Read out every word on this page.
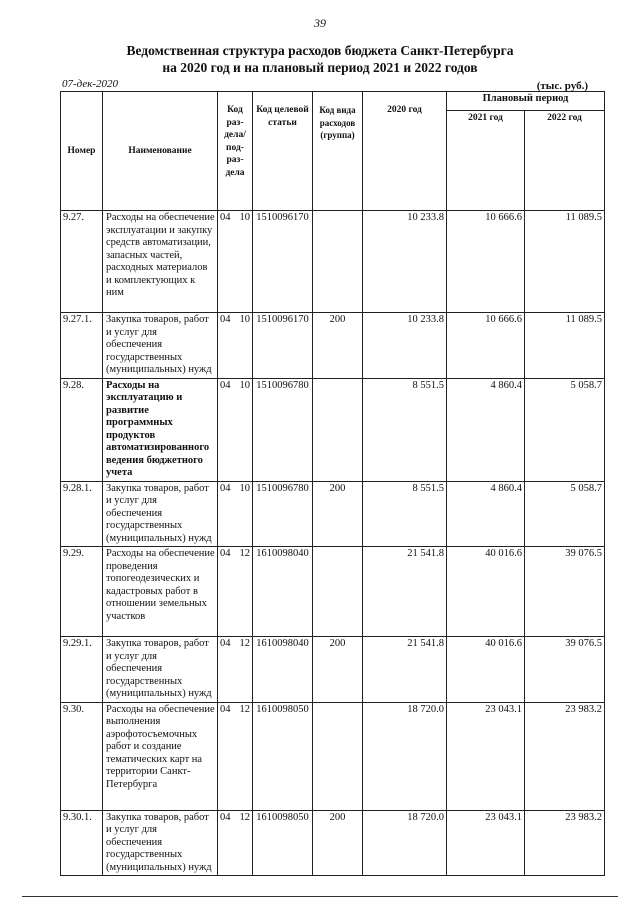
39
Ведомственная структура расходов бюджета Санкт-Петербурга
на 2020 год и на плановый период 2021 и 2022 годов
07-дек-2020	(тыс. руб.)
Номер	Наименование	Код раз- дела/ под- раз- дела		Код целевой статьи	Код вида расходов (группа)	2020 год	Плановый период	
							2021 год	2022 год
9.27.	Расходы на обеспечение эксплуатации и закупку средств автоматизации, запасных частей, расходных материалов и комплектующих к ним	04	10	1510096170		10 233.8	10 666.6	11 089.5
9.27.1.	Закупка товаров, работ и услуг для обеспечения государственных (муниципальных) нужд	04	10	1510096170	200	10 233.8	10 666.6	11 089.5
9.28.	Расходы на эксплуатацию и развитие программных продуктов автоматизированного ведения бюджетного учета	04	10	1510096780		8 551.5	4 860.4	5 058.7
9.28.1.	Закупка товаров, работ и услуг для обеспечения государственных (муниципальных) нужд	04	10	1510096780	200	8 551.5	4 860.4	5 058.7
9.29.	Расходы на обеспечение проведения топогеодезических и кадастровых работ в отношении земельных участков	04	12	1610098040		21 541.8	40 016.6	39 076.5
9.29.1.	Закупка товаров, работ и услуг для обеспечения государственных (муниципальных) нужд	04	12	1610098040	200	21 541.8	40 016.6	39 076.5
9.30.	Расходы на обеспечение выполнения аэрофотосъемочных работ и создание тематических карт на территории Санкт-Петербурга	04	12	1610098050		18 720.0	23 043.1	23 983.2
9.30.1.	Закупка товаров, работ и услуг для обеспечения государственных (муниципальных) нужд	04	12	1610098050	200	18 720.0	23 043.1	23 983.2
